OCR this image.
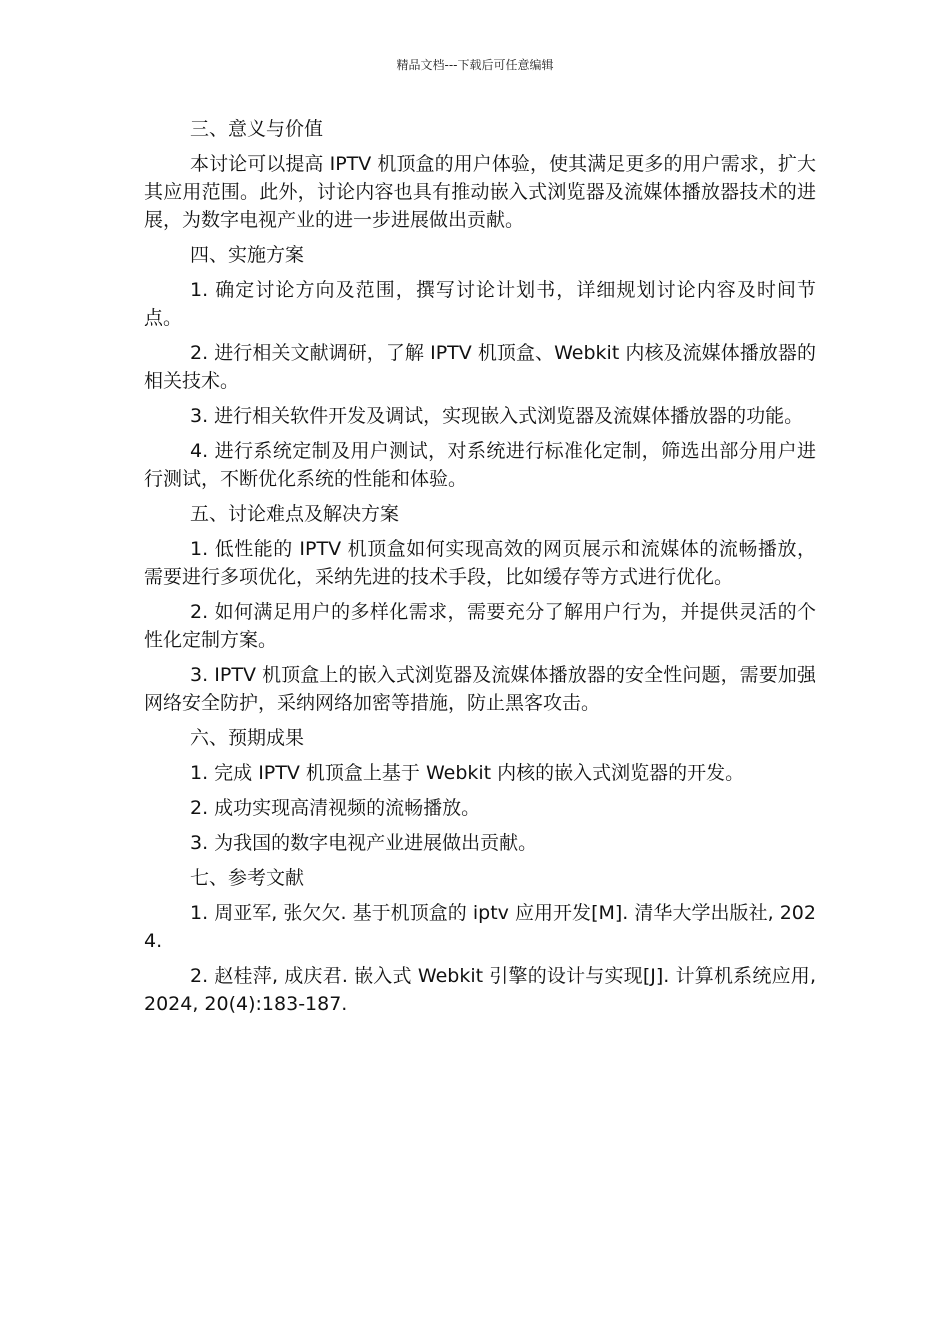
精品文档---下载后可任意编辑

三、意义与价值

本讨论可以提高 IPTV 机顶盒的用户体验，使其满足更多的用户需求，扩大其应用范围。此外，讨论内容也具有推动嵌入式浏览器及流媒体播放器技术的进展，为数字电视产业的进一步进展做出贡献。

四、实施方案

1. 确定讨论方向及范围，撰写讨论计划书，详细规划讨论内容及时间节点。

2. 进行相关文献调研，了解 IPTV 机顶盒、Webkit 内核及流媒体播放器的相关技术。

3. 进行相关软件开发及调试，实现嵌入式浏览器及流媒体播放器的功能。

4. 进行系统定制及用户测试，对系统进行标准化定制，筛选出部分用户进行测试，不断优化系统的性能和体验。

五、讨论难点及解决方案

1. 低性能的 IPTV 机顶盒如何实现高效的网页展示和流媒体的流畅播放，需要进行多项优化，采纳先进的技术手段，比如缓存等方式进行优化。

2. 如何满足用户的多样化需求，需要充分了解用户行为，并提供灵活的个性化定制方案。

3. IPTV 机顶盒上的嵌入式浏览器及流媒体播放器的安全性问题，需要加强网络安全防护，采纳网络加密等措施，防止黑客攻击。

六、预期成果

1. 完成 IPTV 机顶盒上基于 Webkit 内核的嵌入式浏览器的开发。

2. 成功实现高清视频的流畅播放。

3. 为我国的数字电视产业进展做出贡献。

七、参考文献

1. 周亚军, 张欠欠. 基于机顶盒的 iptv 应用开发[M]. 清华大学出版社, 2024.

2. 赵桂萍, 成庆君. 嵌入式 Webkit 引擎的设计与实现[J]. 计算机系统应用, 2024, 20(4):183-187.
